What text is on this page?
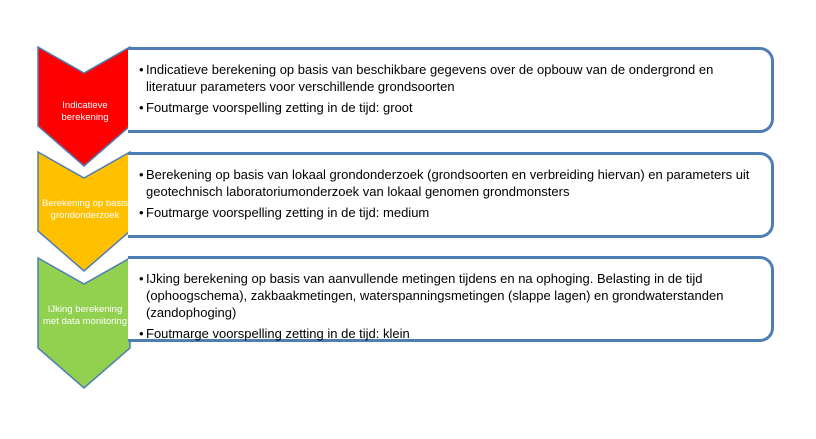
• Indicatieve berekening op basis van beschikbare gegevens over de opbouw van de ondergrond en literatuur parameters voor verschillende grondsoorten
• Foutmarge voorspelling zetting in de tijd: groot
• Berekening op basis van lokaal grondonderzoek (grondsoorten en verbreiding hiervan) en parameters uit geotechnisch laboratoriumonderzoek van lokaal genomen grondmonsters
• Foutmarge voorspelling zetting in de tijd: medium
• IJking berekening op basis van aanvullende metingen tijdens en na ophoging. Belasting in de tijd (ophoogschema), zakbaakmetingen, waterspanningsmetingen (slappe lagen) en grondwaterstanden (zandophoging)
• Foutmarge voorspelling zetting in de tijd: klein
Indicatieve berekening
Berekening op basis grondonderzoek
IJking berekening met data monitoring
